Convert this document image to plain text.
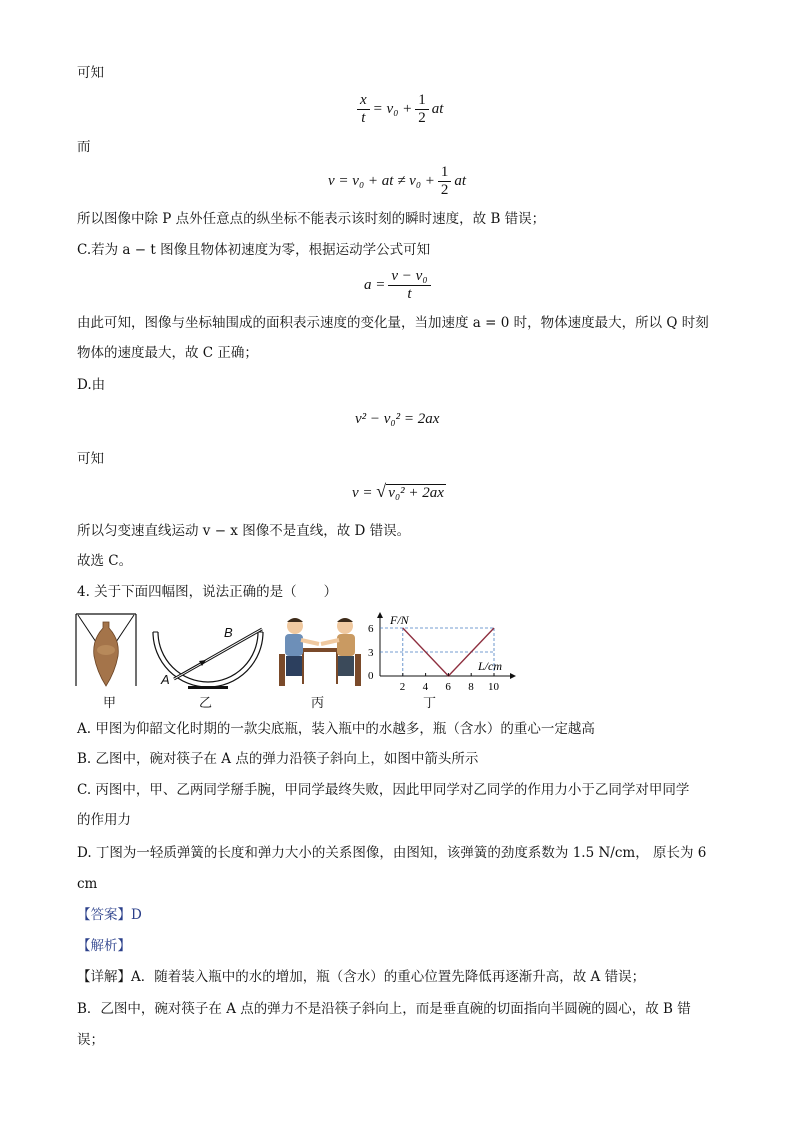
可知
$\frac{x}{t} = v_0 + \frac{1}{2}$ at
而
v = v₀ + at ≠ $v_0 + \frac{1}{2}$ at
所以图像中除 P 点外任意点的纵坐标不能表示该时刻的瞬时速度，故 B 错误；
C.若为 a − t 图像且物体初速度为零，根据运动学公式可知
$a = \frac{\text{v − v₀}}{t}$
由此可知，图像与坐标轴围成的面积表示速度的变化量，当加速度 a = 0 时，物体速度最大，所以 Q 时刻
物体的速度最大，故 C 正确；
D.由
v² − v₀² = 2ax
可知
v = √ v₀² + 2ax
所以匀变速直线运动 v − x 图像不是直线，故 D 错误。
故选 C。
4. 关于下面四幅图，说法正确的是（　　）
甲
A
B
乙	丙
F/N
L/cm
0
2 4 6 8 10
3
6
丁
A. 甲图为仰韶文化时期的一款尖底瓶，装入瓶中的水越多，瓶（含水）的重心一定越高
B. 乙图中，碗对筷子在 A 点的弹力沿筷子斜向上，如图中箭头所示
C. 丙图中，甲、乙两同学掰手腕，甲同学最终失败，因此甲同学对乙同学的作用力小于乙同学对甲同学
的作用力
D. 丁图为一轻质弹簧的长度和弹力大小的关系图像，由图知，该弹簧的劲度系数为 1.5 N/cm， 原长为 6
cm
【答案】D
【解析】
【详解】A．随着装入瓶中的水的增加，瓶（含水）的重心位置先降低再逐渐升高，故 A 错误；
B．乙图中，碗对筷子在 A 点的弹力不是沿筷子斜向上，而是垂直碗的切面指向半圆碗的圆心，故 B 错
误；
